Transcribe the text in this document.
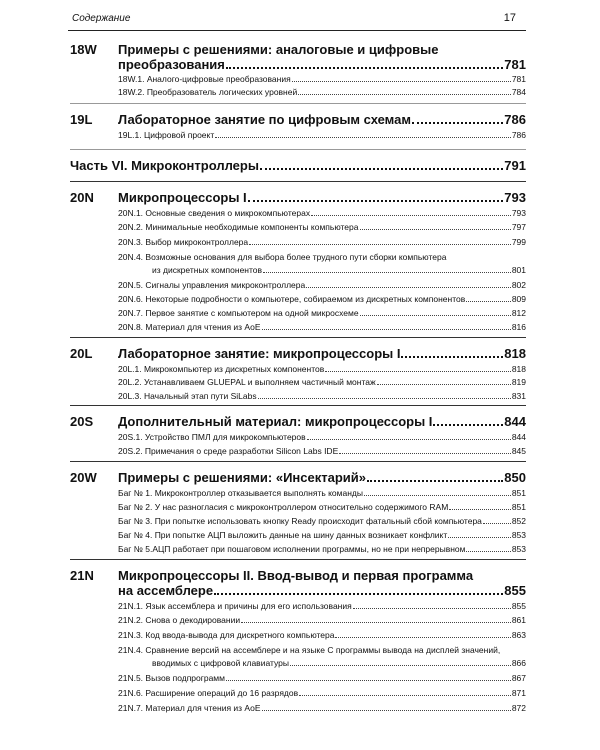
Содержание	17
18W Примеры с решениями: аналоговые и цифровые
преобразования	781
18W.1. Аналого-цифровые преобразования	781
18W.2. Преобразователь логических уровней	784
19L Лабораторное занятие по цифровым схемам	786
19L.1. Цифровой проект	786
Часть VI. Микроконтроллеры	791
20N Микропроцессоры I	793
20N.1. Основные сведения о микрокомпьютерах	793
20N.2. Минимальные необходимые компоненты компьютера	797
20N.3. Выбор микроконтроллера	799
20N.4. Возможные основания для выбора более трудного пути сборки компьютера
из дискретных компонентов	801
20N.5. Сигналы управления микроконтроллера	802
20N.6. Некоторые подробности о компьютере, собираемом из дискретных компонентов	809
20N.7. Первое занятие с компьютером на одной микросхеме	812
20N.8. Материал для чтения из AoE	816
20L Лабораторное занятие: микропроцессоры I	818
20L.1. Микрокомпьютер из дискретных компонентов	818
20L.2. Устанавливаем GLUEPAL и выполняем частичный монтаж	819
20L.3. Начальный этап пути SiLabs	831
20S Дополнительный материал: микропроцессоры I	844
20S.1. Устройство ПМЛ для микрокомпьютеров	844
20S.2. Примечания о среде разработки Silicon Labs IDE	845
20W Примеры с решениями: «Инсектарий»	850
Баг № 1. Микроконтроллер отказывается выполнять команды	851
Баг № 2. У нас разногласия с микроконтроллером относительно содержимого RAM	851
Баг № 3. При попытке использовать кнопку Ready происходит фатальный сбой компьютера	852
Баг № 4. При попытке АЦП выложить данные на шину данных возникает конфликт	853
Баг № 5.АЦП работает при пошаговом исполнении программы, но не при непрерывном	853
21N Микропроцессоры II. Ввод-вывод и первая программа
на ассемблере	855
21N.1. Язык ассемблера и причины для его использования	855
21N.2. Снова о декодировании	861
21N.3. Код ввода-вывода для дискретного компьютера	863
21N.4. Сравнение версий на ассемблере и на языке С программы вывода на дисплей значений,
вводимых с цифровой клавиатуры	866
21N.5. Вызов подпрограмм	867
21N.6. Расширение операций до 16 разрядов	871
21N.7. Материал для чтения из AoE	872
